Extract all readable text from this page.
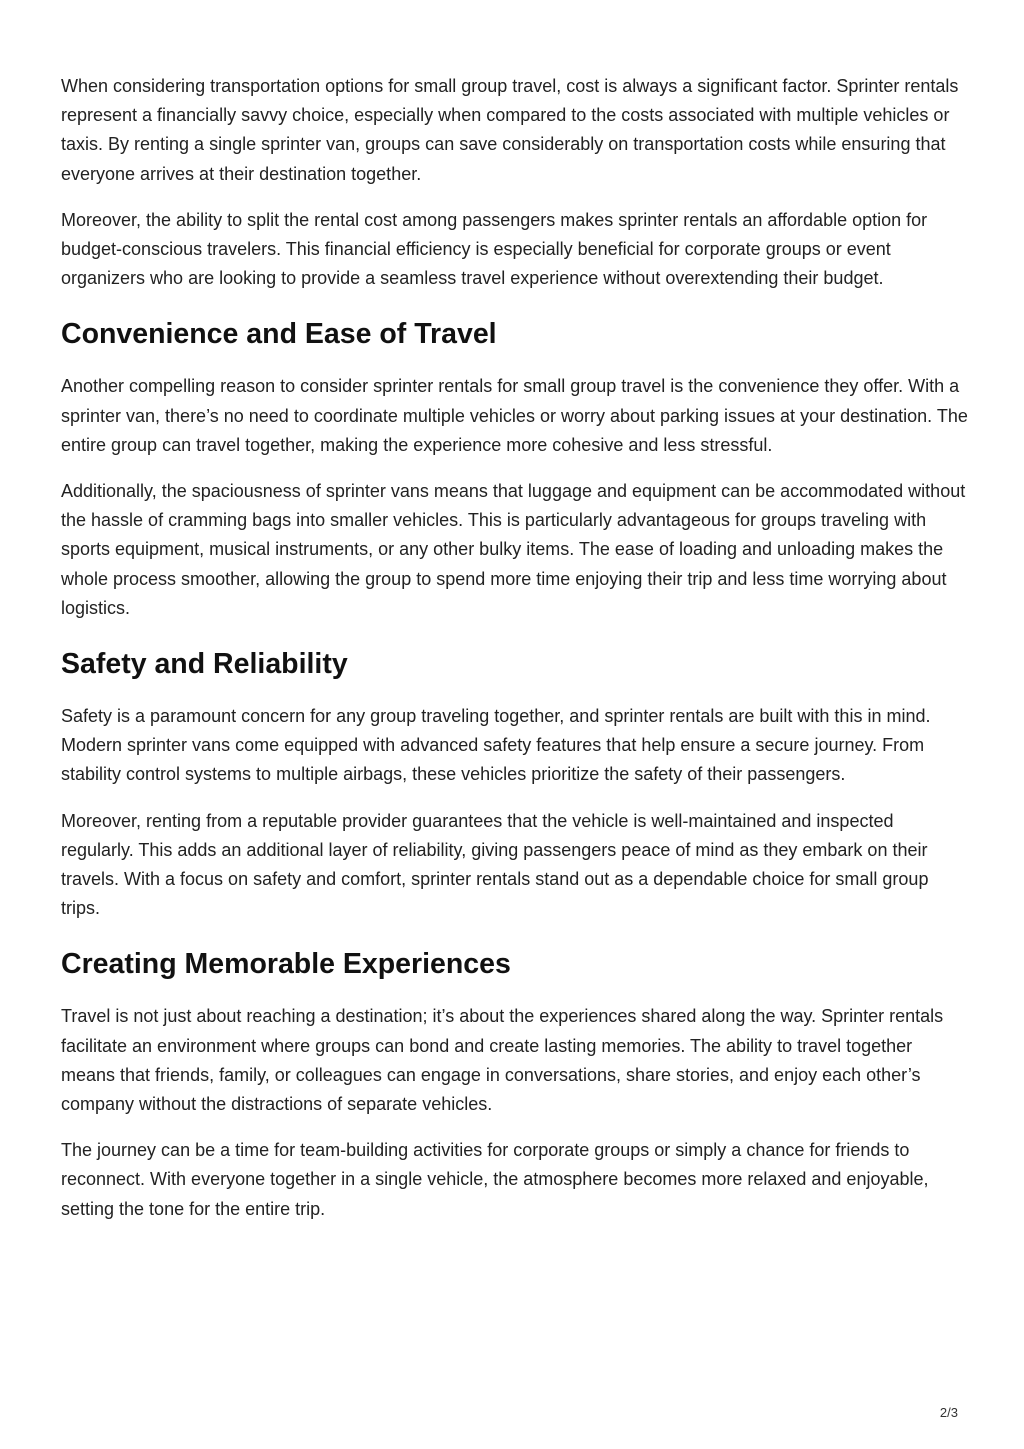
When considering transportation options for small group travel, cost is always a significant factor. Sprinter rentals represent a financially savvy choice, especially when compared to the costs associated with multiple vehicles or taxis. By renting a single sprinter van, groups can save considerably on transportation costs while ensuring that everyone arrives at their destination together.

Moreover, the ability to split the rental cost among passengers makes sprinter rentals an affordable option for budget-conscious travelers. This financial efficiency is especially beneficial for corporate groups or event organizers who are looking to provide a seamless travel experience without overextending their budget.

Convenience and Ease of Travel

Another compelling reason to consider sprinter rentals for small group travel is the convenience they offer. With a sprinter van, there’s no need to coordinate multiple vehicles or worry about parking issues at your destination. The entire group can travel together, making the experience more cohesive and less stressful.

Additionally, the spaciousness of sprinter vans means that luggage and equipment can be accommodated without the hassle of cramming bags into smaller vehicles. This is particularly advantageous for groups traveling with sports equipment, musical instruments, or any other bulky items. The ease of loading and unloading makes the whole process smoother, allowing the group to spend more time enjoying their trip and less time worrying about logistics.

Safety and Reliability

Safety is a paramount concern for any group traveling together, and sprinter rentals are built with this in mind. Modern sprinter vans come equipped with advanced safety features that help ensure a secure journey. From stability control systems to multiple airbags, these vehicles prioritize the safety of their passengers.

Moreover, renting from a reputable provider guarantees that the vehicle is well-maintained and inspected regularly. This adds an additional layer of reliability, giving passengers peace of mind as they embark on their travels. With a focus on safety and comfort, sprinter rentals stand out as a dependable choice for small group trips.

Creating Memorable Experiences

Travel is not just about reaching a destination; it’s about the experiences shared along the way. Sprinter rentals facilitate an environment where groups can bond and create lasting memories. The ability to travel together means that friends, family, or colleagues can engage in conversations, share stories, and enjoy each other’s company without the distractions of separate vehicles.

The journey can be a time for team-building activities for corporate groups or simply a chance for friends to reconnect. With everyone together in a single vehicle, the atmosphere becomes more relaxed and enjoyable, setting the tone for the entire trip.

2/3
